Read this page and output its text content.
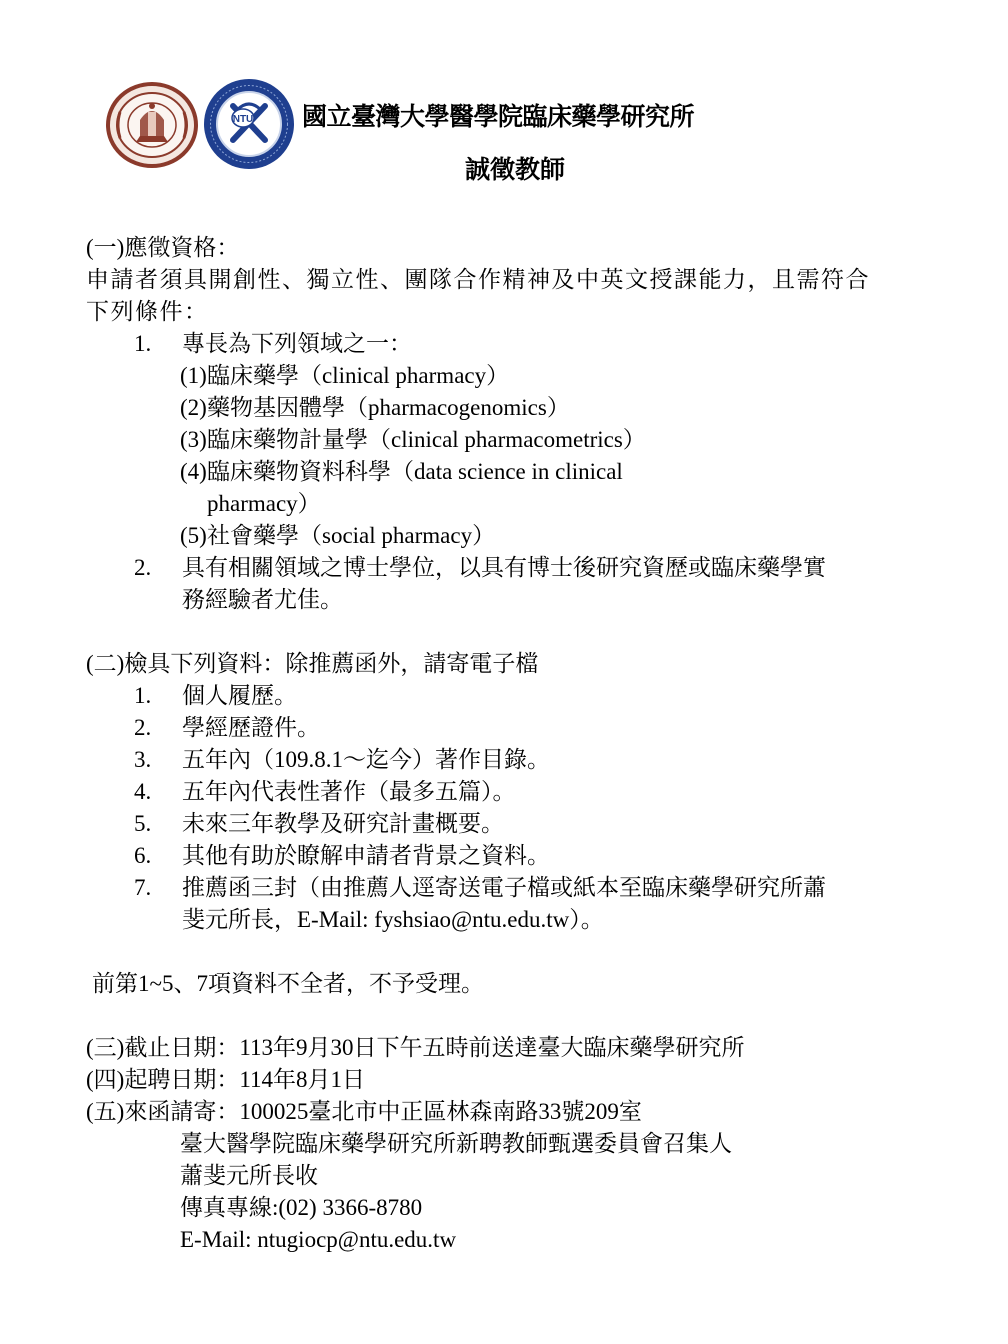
NTU 國立臺灣大學醫學院臨床藥學研究所
誠徵教師
(一)應徵資格：
申請者須具開創性、獨立性、團隊合作精神及中英文授課能力，且需符合
下列條件：
1. 專長為下列領域之一：
(1) 臨床藥學（clinical pharmacy）
(2) 藥物基因體學（pharmacogenomics）
(3) 臨床藥物計量學（clinical pharmacometrics）
(4) 臨床藥物資料科學（data science in clinical
pharmacy）
(5) 社會藥學（social pharmacy）
2. 具有相關領域之博士學位，以具有博士後研究資歷或臨床藥學實
務經驗者尤佳。
(二)檢具下列資料：除推薦函外，請寄電子檔
1. 個人履歷。
2. 學經歷證件。
3. 五年內（109.8.1～迄今）著作目錄。
4. 五年內代表性著作（最多五篇）。
5. 未來三年教學及研究計畫概要。
6. 其他有助於瞭解申請者背景之資料。
7. 推薦函三封（由推薦人逕寄送電子檔或紙本至臨床藥學研究所蕭
斐元所長，E-Mail: fyshsiao@ntu.edu.tw）。
前第1~5、7項資料不全者，不予受理。
(三)截止日期：113年9月30日下午五時前送達臺大臨床藥學研究所
(四)起聘日期：114年8月1日
(五)來函請寄：100025臺北市中正區林森南路33號209室
臺大醫學院臨床藥學研究所新聘教師甄選委員會召集人
蕭斐元所長收
傳真專線:(02) 3366-8780
E-Mail: ntugiocp@ntu.edu.tw
